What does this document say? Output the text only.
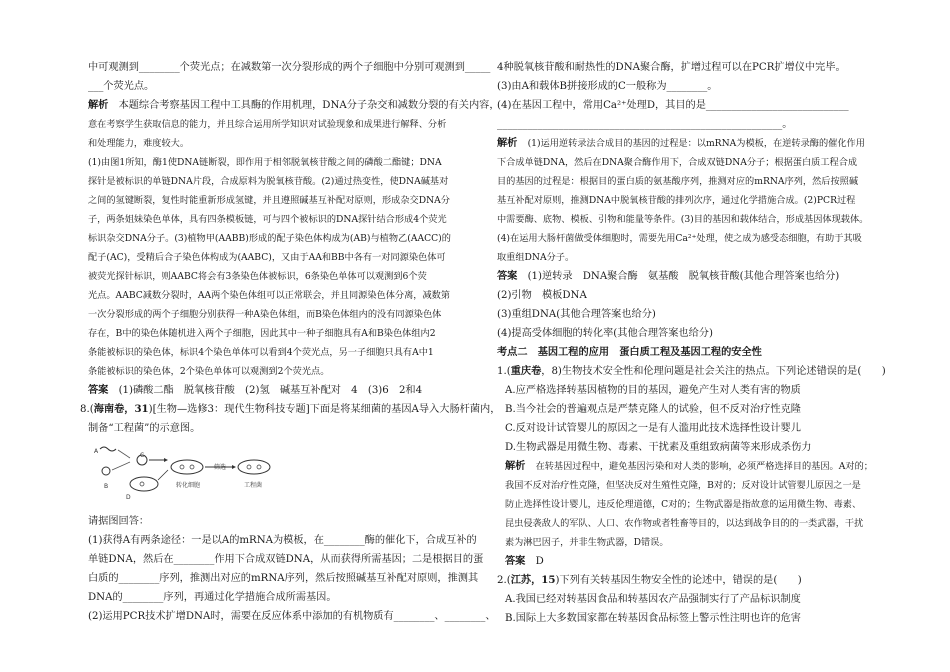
中可观测到________个荧光点；在减数第一次分裂形成的两个子细胞中分别可观测到_____
___个荧光点。
解析　 本题综合考察基因工程中工具酶的作用机理，DNA分子杂交和减数分裂的有关内容，
意在考察学生获取信息的能力，并且综合运用所学知识对试验现象和成果进行解释、分析
和处理能力，难度较大。
(1)由图1所知，酶1使DNA链断裂，即作用于相邻脱氧核苷酸之间的磷酸二酯键；DNA
探针是被标识的单链DNA片段，合成原料为脱氧核苷酸。(2)通过热变性，使DNA碱基对
之间的氢键断裂，复性时能重新形成氢键，并且遵照碱基互补配对原则，形成杂交DNA分
子，两条姐妹染色单体，具有四条模板链，可与四个被标识的DNA探针结合形成4个荧光
标识杂交DNA分子。(3)植物甲(AABB)形成的配子染色体构成为(AB)与植物乙(AACC)的
配子(AC)，受精后合子染色体构成为(AABC)，又由于AA和BB中各有一对同源染色体可
被荧光探针标识，则AABC将会有3条染色体被标识，6条染色单体可以观测到6个荧
光点。AABC减数分裂时，AA两个染色体组可以正常联会，并且同源染色体分离，减数第
一次分裂形成的两个子细胞分别获得一种A染色体组，而B染色体组内的没有同源染色体
存在，B中的染色体随机进入两个子细胞，因此其中一种子细胞具有A和B染色体组内2
条能被标识的染色体，标识4个染色单体可以看到4个荧光点，另一子细胞只具有A中1
条能被标识的染色体，2个染色单体可以观测到2个荧光点。
答案　 (1)磷酸二酯　脱氧核苷酸　(2)氢　碱基互补配对　4　(3)6　2和4
8.(海南卷，31)[生物—选修3：现代生物科技专题]下面是将某细菌的基因A导入大肠杆菌内，
制备“工程菌”的示意图。
A
B
C
D
筛选
转化细胞	工程菌
请据图回答：
(1)获得A有两条途径：一是以A的mRNA为模板，在________酶的催化下，合成互补的
单链DNA，然后在________作用下合成双链DNA，从而获得所需基因；二是根据目的蛋
白质的________序列，推测出对应的mRNA序列，然后按照碱基互补配对原则，推测其
DNA的________序列，再通过化学措施合成所需基因。
(2)运用PCR技术扩增DNA时，需要在反应体系中添加的有机物质有________、________、
4种脱氧核苷酸和耐热性的DNA聚合酶，扩增过程可以在PCR扩增仪中完毕。
(3)由A和载体B拼接形成的C一般称为________。
(4)在基因工程中，常用Ca²⁺处理D，其目的是____________________________
________________________________________________________。
解析　 (1)运用逆转录法合成目的基因的过程是：以mRNA为模板，在逆转录酶的催化作用
下合成单链DNA，然后在DNA聚合酶作用下，合成双链DNA分子；根据蛋白质工程合成
目的基因的过程是：根据目的蛋白质的氨基酸序列，推测对应的mRNA序列，然后按照碱
基互补配对原则，推测DNA中脱氧核苷酸的排列次序，通过化学措施合成。(2)PCR过程
中需要酶、底物、模板、引物和能量等条件。(3)目的基因和载体结合，形成基因体现载体。
(4)在运用大肠杆菌做受体细胞时，需要先用Ca²⁺处理，使之成为感受态细胞，有助于其吸
取重组DNA分子。
答案　 (1)逆转录　DNA聚合酶　氨基酸　脱氧核苷酸(其他合理答案也给分)
(2)引物　模板DNA
(3)重组DNA(其他合理答案也给分)
(4)提高受体细胞的转化率(其他合理答案也给分)
考点二　基因工程的应用　蛋白质工程及基因工程的安全性
1.(重庆卷，8)生物技术安全性和伦理问题是社会关注的热点。下列论述错误的是(　　)
A.应严格选择转基因植物的目的基因，避免产生对人类有害的物质
B.当今社会的普遍观点是严禁克隆人的试验，但不反对治疗性克隆
C.反对设计试管婴儿的原因之一是有人滥用此技术选择性设计婴儿
D.生物武器是用微生物、毒素、干扰素及重组致病菌等来形成杀伤力
解析　 在转基因过程中，避免基因污染和对人类的影响，必须严格选择目的基因。A对的；
我国不反对治疗性克隆，但坚决反对生殖性克隆，B对的；反对设计试管婴儿原因之一是
防止选择性设计婴儿，违反伦理道德，C对的；生物武器是指故意的运用微生物、毒素、
昆虫侵袭敌人的军队、人口、农作物或者牲畜等目的，以达到战争目的的一类武器，干扰
素为淋巴因子，并非生物武器，D错误。
答案　 D
2.(江苏，15)下列有关转基因生物安全性的论述中，错误的是(　　)
A.我国已经对转基因食品和转基因农产品强制实行了产品标识制度
B.国际上大多数国家都在转基因食品标签上警示性注明也许的危害
